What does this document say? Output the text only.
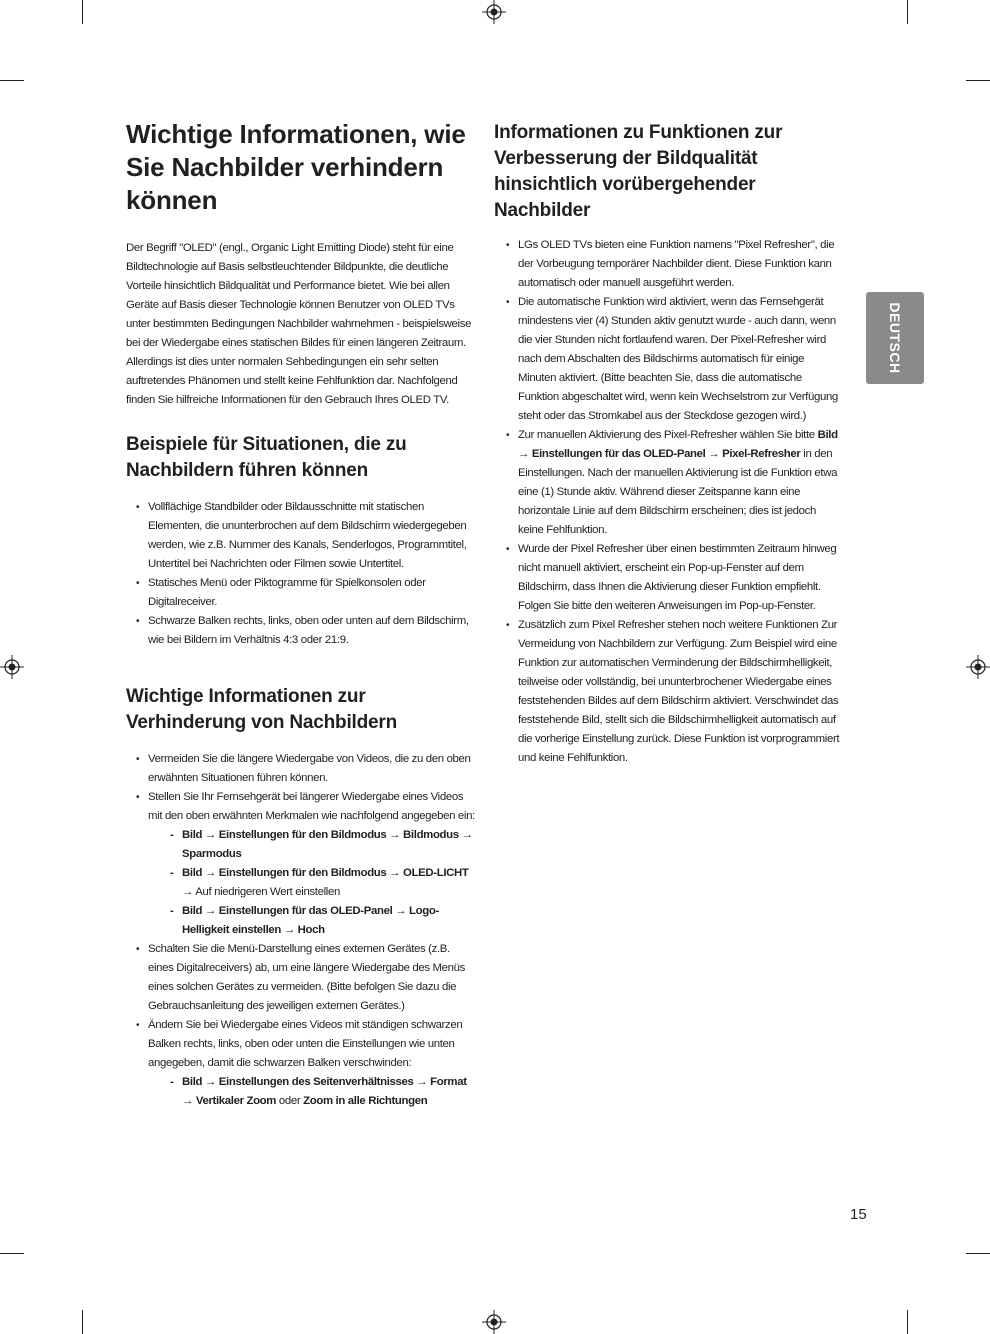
Wichtige Informationen, wie Sie Nachbilder verhindern können

Der Begriff "OLED" (engl., Organic Light Emitting Diode) steht für eine Bildtechnologie auf Basis selbstleuchtender Bildpunkte, die deutliche Vorteile hinsichtlich Bildqualität und Performance bietet. Wie bei allen Geräte auf Basis dieser Technologie können Benutzer von OLED TVs unter bestimmten Bedingungen Nachbilder wahrnehmen - beispielsweise bei der Wiedergabe eines statischen Bildes für einen längeren Zeitraum. Allerdings ist dies unter normalen Sehbedingungen ein sehr selten auftretendes Phänomen und stellt keine Fehlfunktion dar. Nachfolgend finden Sie hilfreiche Informationen für den Gebrauch Ihres OLED TV.

Beispiele für Situationen, die zu Nachbildern führen können
• Vollflächige Standbilder oder Bildausschnitte mit statischen Elementen, die ununterbrochen auf dem Bildschirm wiedergegeben werden, wie z.B. Nummer des Kanals, Senderlogos, Programmtitel, Untertitel bei Nachrichten oder Filmen sowie Untertitel.
• Statisches Menü oder Piktogramme für Spielkonsolen oder Digitalreceiver.
• Schwarze Balken rechts, links, oben oder unten auf dem Bildschirm, wie bei Bildern im Verhältnis 4:3 oder 21:9.
Wichtige Informationen zur Verhinderung von Nachbildern
• Vermeiden Sie die längere Wiedergabe von Videos, die zu den oben erwähnten Situationen führen können.
• Stellen Sie Ihr Fernsehgerät bei längerer Wiedergabe eines Videos mit den oben erwähnten Merkmalen wie nachfolgend angegeben ein:
- Bild → Einstellungen für den Bildmodus → Bildmodus → Sparmodus
- Bild → Einstellungen für den Bildmodus → OLED-LICHT → Auf niedrigeren Wert einstellen
- Bild → Einstellungen für das OLED-Panel → Logo-Helligkeit einstellen → Hoch
• Schalten Sie die Menü-Darstellung eines externen Gerätes (z.B. eines Digitalreceivers) ab, um eine längere Wiedergabe des Menüs eines solchen Gerätes zu vermeiden. (Bitte befolgen Sie dazu die Gebrauchsanleitung des jeweiligen externen Gerätes.)
• Ändern Sie bei Wiedergabe eines Videos mit ständigen schwarzen Balken rechts, links, oben oder unten die Einstellungen wie unten angegeben, damit die schwarzen Balken verschwinden:
- Bild → Einstellungen des Seitenverhältnisses → Format → Vertikaler Zoom oder Zoom in alle Richtungen
Informationen zu Funktionen zur Verbesserung der Bildqualität hinsichtlich vorübergehender Nachbilder
• LGs OLED TVs bieten eine Funktion namens "Pixel Refresher", die der Vorbeugung temporärer Nachbilder dient. Diese Funktion kann automatisch oder manuell ausgeführt werden.
• Die automatische Funktion wird aktiviert, wenn das Fernsehgerät mindestens vier (4) Stunden aktiv genutzt wurde - auch dann, wenn die vier Stunden nicht fortlaufend waren. Der Pixel-Refresher wird nach dem Abschalten des Bildschirms automatisch für einige Minuten aktiviert. (Bitte beachten Sie, dass die automatische Funktion abgeschaltet wird, wenn kein Wechselstrom zur Verfügung steht oder das Stromkabel aus der Steckdose gezogen wird.)
• Zur manuellen Aktivierung des Pixel-Refresher wählen Sie bitte Bild → Einstellungen für das OLED-Panel → Pixel-Refresher in den Einstellungen. Nach der manuellen Aktivierung ist die Funktion etwa eine (1) Stunde aktiv. Während dieser Zeitspanne kann eine horizontale Linie auf dem Bildschirm erscheinen; dies ist jedoch keine Fehlfunktion.
• Wurde der Pixel Refresher über einen bestimmten Zeitraum hinweg nicht manuell aktiviert, erscheint ein Pop-up-Fenster auf dem Bildschirm, dass Ihnen die Aktivierung dieser Funktion empfiehlt. Folgen Sie bitte den weiteren Anweisungen im Pop-up-Fenster.
• Zusätzlich zum Pixel Refresher stehen noch weitere Funktionen Zur Vermeidung von Nachbildern zur Verfügung. Zum Beispiel wird eine Funktion zur automatischen Verminderung der Bildschirmhelligkeit, teilweise oder vollständig, bei ununterbrochener Wiedergabe eines feststehenden Bildes auf dem Bildschirm aktiviert. Verschwindet das feststehende Bild, stellt sich die Bildschirmhelligkeit automatisch auf die vorherige Einstellung zurück. Diese Funktion ist vorprogrammiert und keine Fehlfunktion.
DEUTSCH
15
